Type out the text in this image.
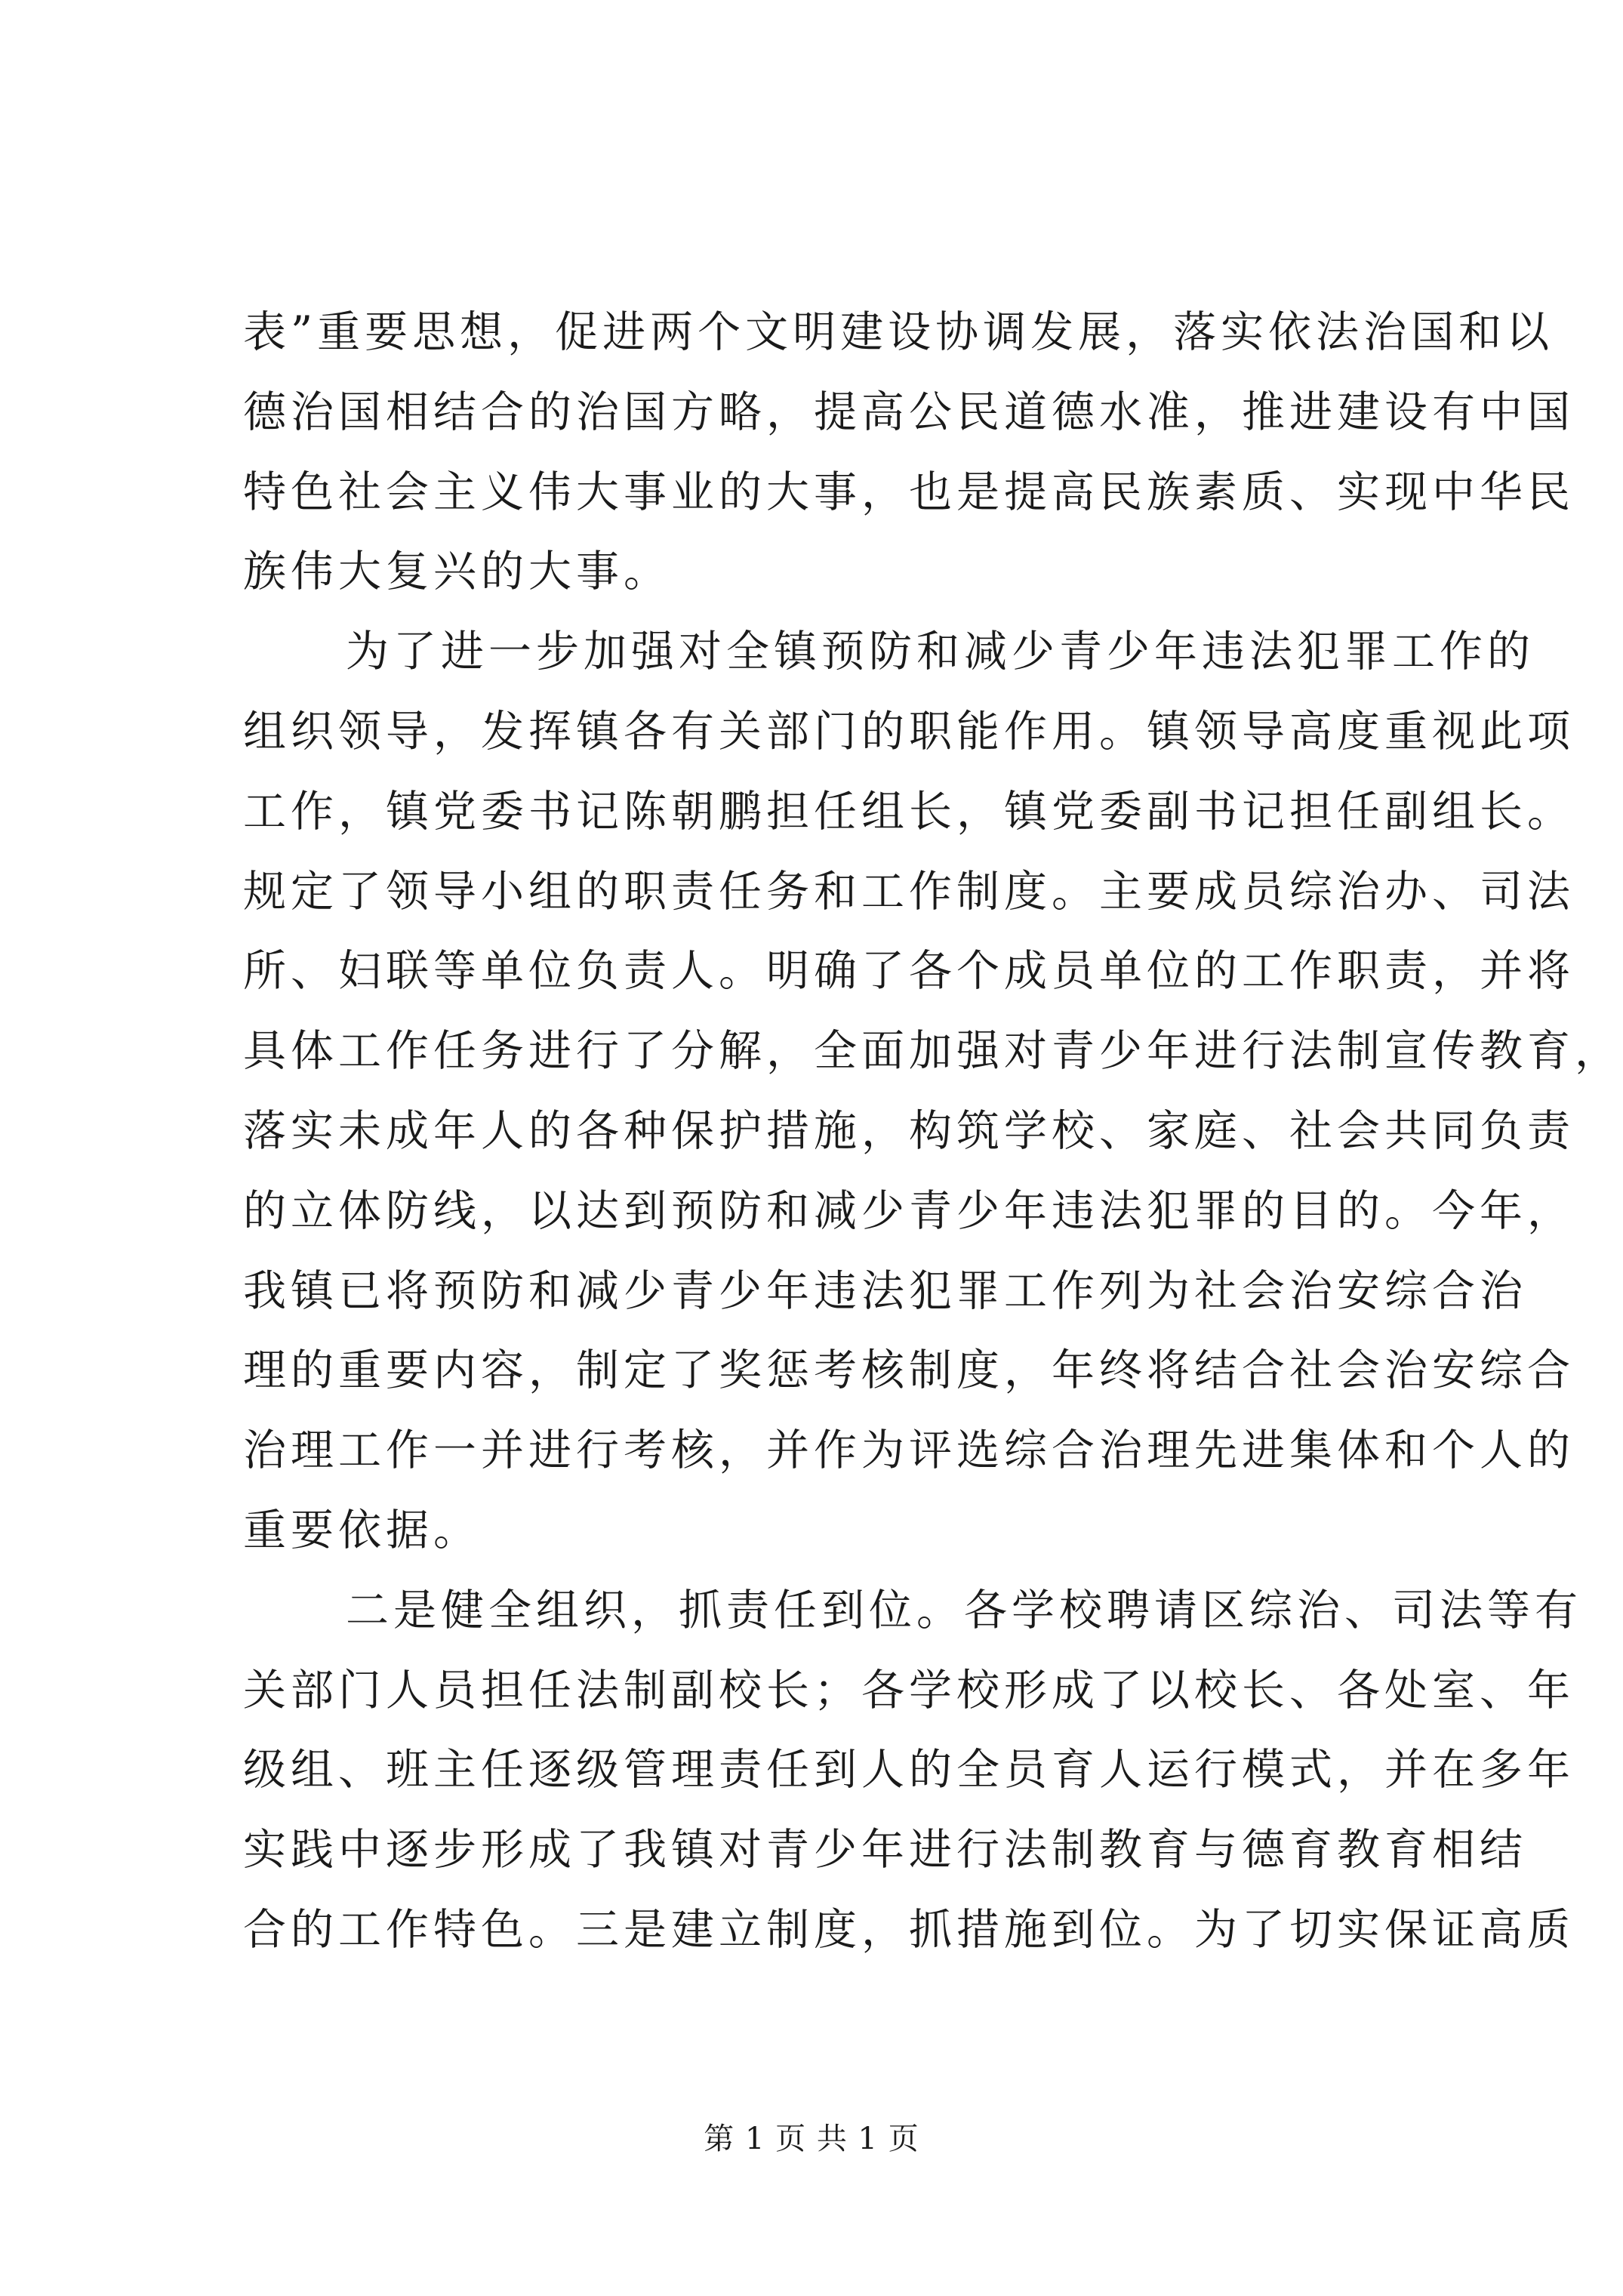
表”重要思想，促进两个文明建设协调发展，落实依法治国和以
德治国相结合的治国方略，提高公民道德水准，推进建设有中国
特色社会主义伟大事业的大事，也是提高民族素质、实现中华民
族伟大复兴的大事。
为了进一步加强对全镇预防和减少青少年违法犯罪工作的
组织领导，发挥镇各有关部门的职能作用。镇领导高度重视此项
工作，镇党委书记陈朝鹏担任组长，镇党委副书记担任副组长。
规定了领导小组的职责任务和工作制度。主要成员综治办、司法
所、妇联等单位负责人。明确了各个成员单位的工作职责，并将
具体工作任务进行了分解，全面加强对青少年进行法制宣传教育，
落实未成年人的各种保护措施，构筑学校、家庭、社会共同负责
的立体防线，以达到预防和减少青少年违法犯罪的目的。今年，
我镇已将预防和减少青少年违法犯罪工作列为社会治安综合治
理的重要内容，制定了奖惩考核制度，年终将结合社会治安综合
治理工作一并进行考核，并作为评选综合治理先进集体和个人的
重要依据。
二是健全组织，抓责任到位。各学校聘请区综治、司法等有
关部门人员担任法制副校长；各学校形成了以校长、各处室、年
级组、班主任逐级管理责任到人的全员育人运行模式，并在多年
实践中逐步形成了我镇对青少年进行法制教育与德育教育相结
合的工作特色。三是建立制度，抓措施到位。为了切实保证高质
第 1 页 共 1 页
